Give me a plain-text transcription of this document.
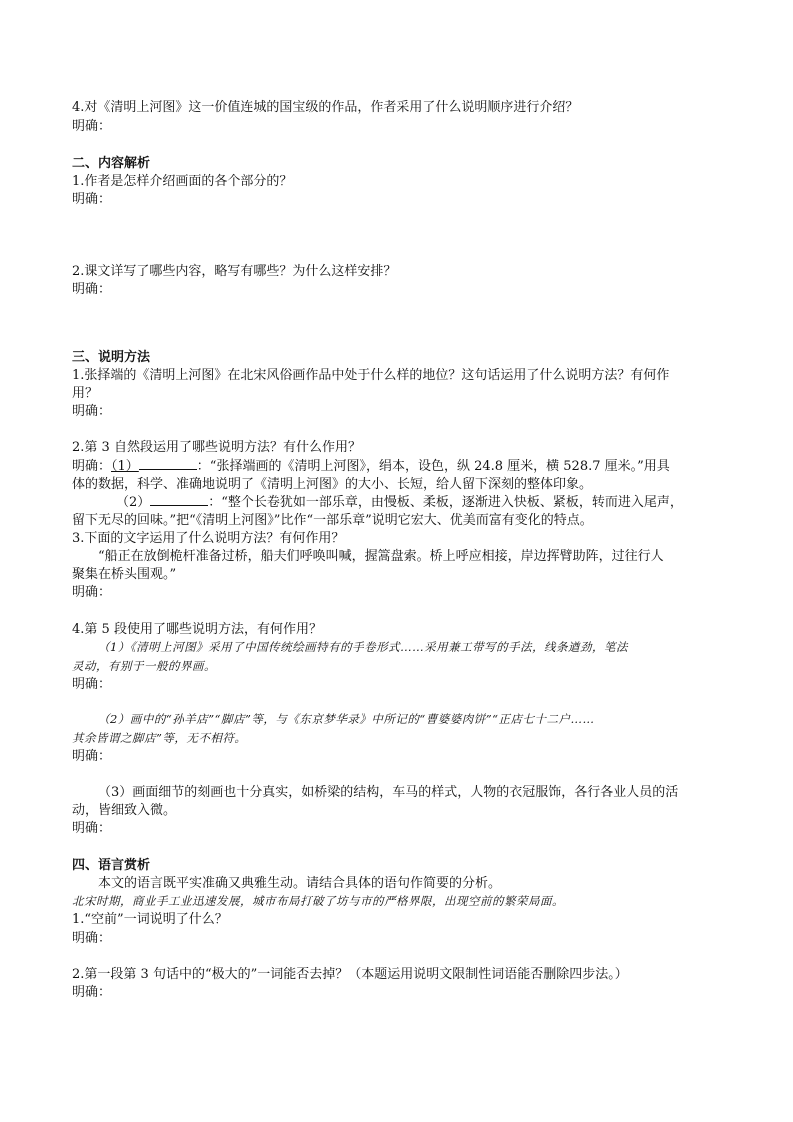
4.对《清明上河图》这一价值连城的国宝级的作品，作者采用了什么说明顺序进行介绍？
明确：
二、内容解析
1.作者是怎样介绍画面的各个部分的？
明确：
2.课文详写了哪些内容，略写有哪些？为什么这样安排？
明确：
三、说明方法
1.张择端的《清明上河图》在北宋风俗画作品中处于什么样的地位？这句话运用了什么说明方法？有何作
用？
明确：
2.第 3 自然段运用了哪些说明方法？有什么作用？
明确：（1）	：“张择端画的《清明上河图》，绢本，设色，纵 24.8 厘米，横 528.7 厘米。”用具
体的数据，科学、准确地说明了《清明上河图》的大小、长短，给人留下深刻的整体印象。
（2）	：“整个长卷犹如一部乐章，由慢板、柔板，逐渐进入快板、紧板，转而进入尾声，
留下无尽的回味。”把“《清明上河图》”比作“一部乐章”说明它宏大、优美而富有变化的特点。
3.下面的文字运用了什么说明方法？有何作用？
“船正在放倒桅杆准备过桥，船夫们呼唤叫喊，握篙盘索。桥上呼应相接，岸边挥臂助阵，过往行人
聚集在桥头围观。”
明确：
4.第 5 段使用了哪些说明方法，有何作用？
（1）《清明上河图》采用了中国传统绘画特有的手卷形式……采用兼工带写的手法，线条遒劲，笔法
灵动，有别于一般的界画。
明确：
（2）画中的“孙羊店”“脚店”等，与《东京梦华录》中所记的“曹婆婆肉饼”“正店七十二户……
其余皆谓之脚店”等，无不相符。
明确：
（3）画面细节的刻画也十分真实，如桥梁的结构，车马的样式，人物的衣冠服饰，各行各业人员的活
动，皆细致入微。
明确：
四、语言赏析
本文的语言既平实准确又典雅生动。请结合具体的语句作简要的分析。
北宋时期，商业手工业迅速发展，城市布局打破了坊与市的严格界限，出现空前的繁荣局面。
1.“空前”一词说明了什么？
明确：
2.第一段第 3 句话中的“极大的”一词能否去掉？（本题运用说明文限制性词语能否删除四步法。）
明确：
